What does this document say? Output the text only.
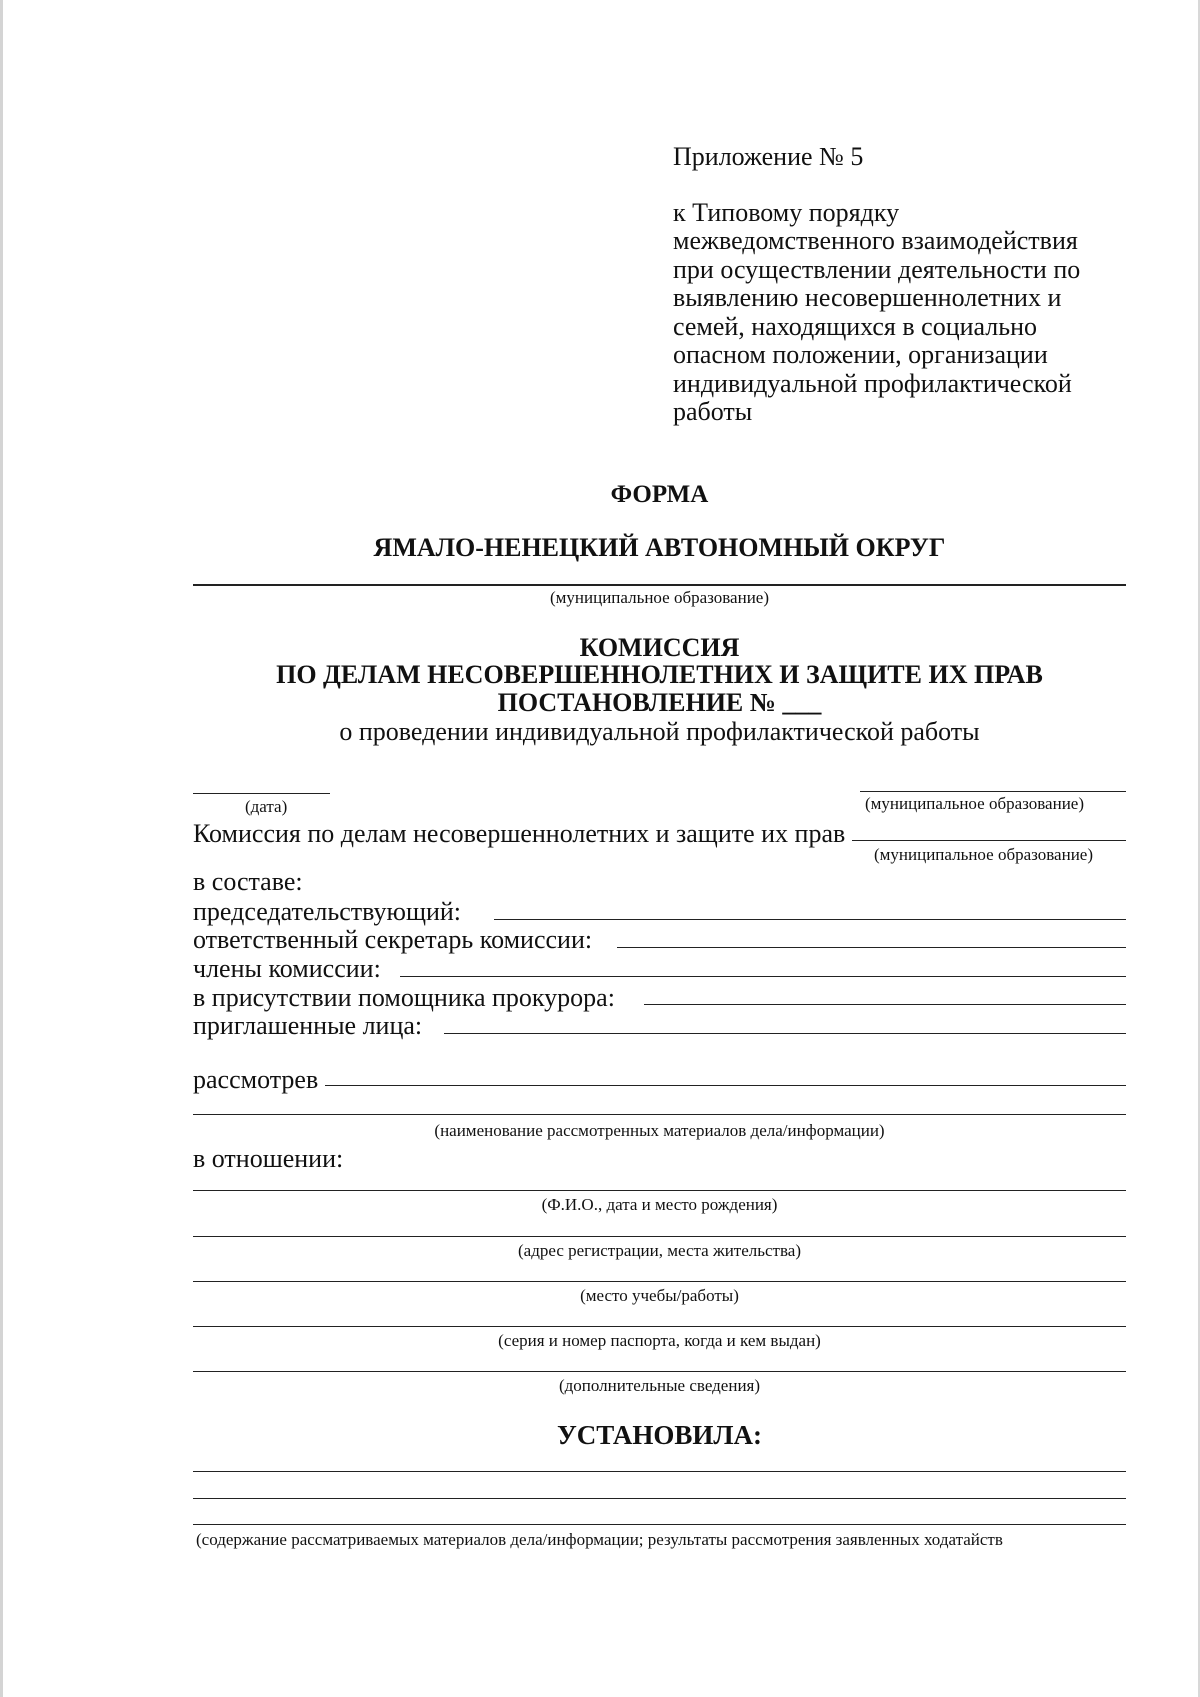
Приложение № 5
к Типовому порядку
межведомственного взаимодействия
при осуществлении деятельности по
выявлению несовершеннолетних и
семей, находящихся в социально
опасном положении, организации
индивидуальной профилактической
работы
ФОРМА
ЯМАЛО-НЕНЕЦКИЙ АВТОНОМНЫЙ ОКРУГ
(муниципальное образование)
КОМИССИЯ
ПО ДЕЛАМ НЕСОВЕРШЕННОЛЕТНИХ И ЗАЩИТЕ ИХ ПРАВ
ПОСТАНОВЛЕНИЕ № ___
о проведении индивидуальной профилактической работы
(дата)	(муниципальное образование)
Комиссия по делам несовершеннолетних и защите их прав
(муниципальное образование)
в составе:
председательствующий:
ответственный секретарь комиссии:
члены комиссии:
в присутствии помощника прокурора:
приглашенные лица:
рассмотрев
(наименование рассмотренных материалов дела/информации)
в отношении:
(Ф.И.О., дата и место рождения)
(адрес регистрации, места жительства)
(место учебы/работы)
(серия и номер паспорта, когда и кем выдан)
(дополнительные сведения)
УСТАНОВИЛА:
(содержание рассматриваемых материалов дела/информации; результаты рассмотрения заявленных ходатайств
